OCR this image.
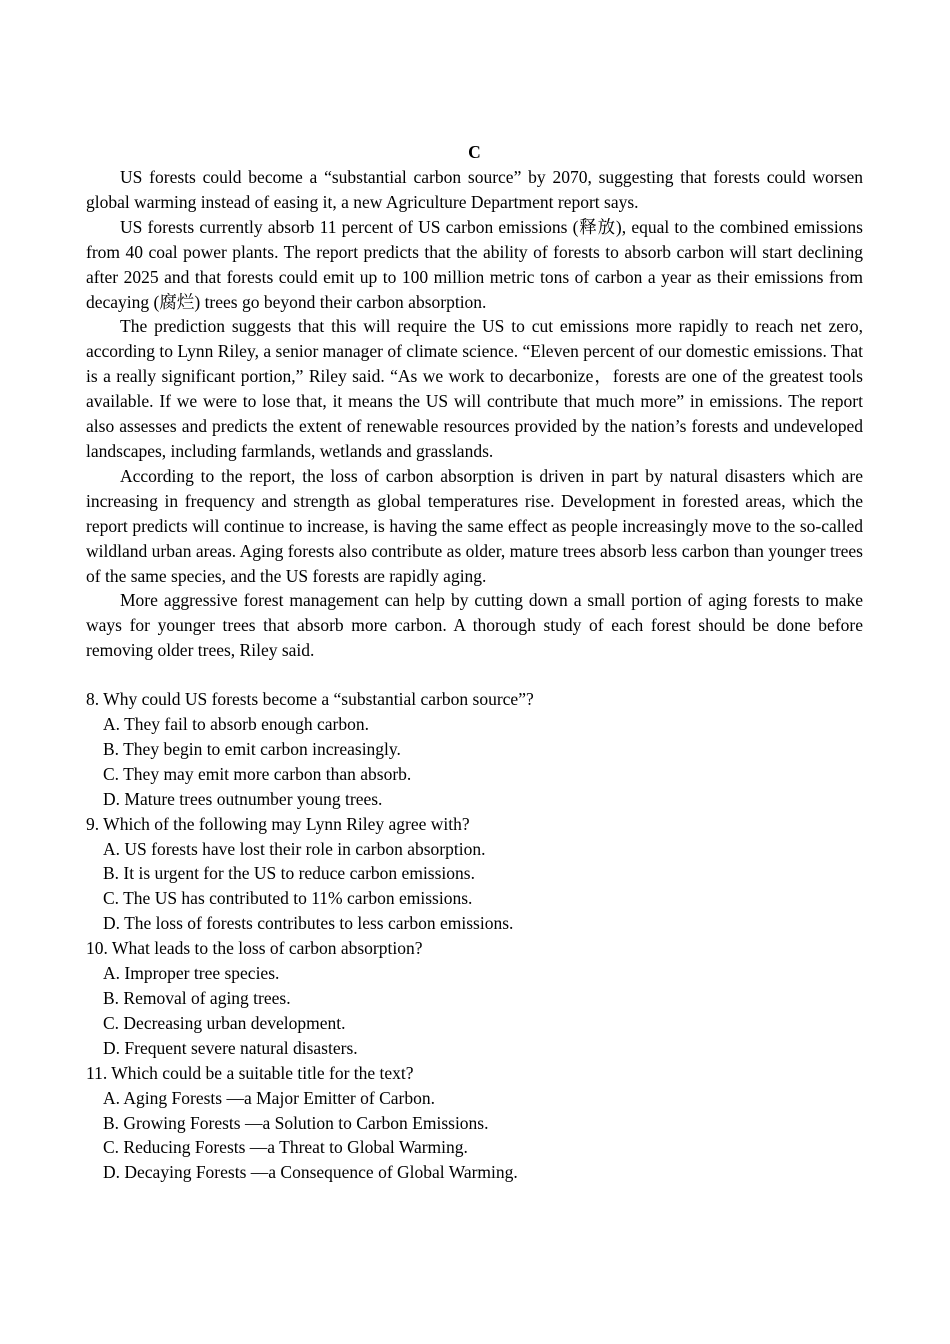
C

US forests could become a “substantial carbon source” by 2070, suggesting that forests could worsen global warming instead of easing it, a new Agriculture Department report says.

US forests currently absorb 11 percent of US carbon emissions (释放), equal to the combined emissions from 40 coal power plants. The report predicts that the ability of forests to absorb carbon will start declining after 2025 and that forests could emit up to 100 million metric tons of carbon a year as their emissions from decaying (腐烂) trees go beyond their carbon absorption.

The prediction suggests that this will require the US to cut emissions more rapidly to reach net zero, according to Lynn Riley, a senior manager of climate science. “Eleven percent of our domestic emissions. That is a really significant portion,” Riley said. “As we work to decarbonize，forests are one of the greatest tools available. If we were to lose that, it means the US will contribute that much more” in emissions. The report also assesses and predicts the extent of renewable resources provided by the nation’s forests and undeveloped landscapes, including farmlands, wetlands and grasslands.

According to the report, the loss of carbon absorption is driven in part by natural disasters which are increasing in frequency and strength as global temperatures rise. Development in forested areas, which the report predicts will continue to increase, is having the same effect as people increasingly move to the so-called wildland urban areas. Aging forests also contribute as older, mature trees absorb less carbon than younger trees of the same species, and the US forests are rapidly aging.

More aggressive forest management can help by cutting down a small portion of aging forests to make ways for younger trees that absorb more carbon. A thorough study of each forest should be done before removing older trees, Riley said.

8. Why could US forests become a “substantial carbon source”?

A. They fail to absorb enough carbon.

B. They begin to emit carbon increasingly.

C. They may emit more carbon than absorb.

D. Mature trees outnumber young trees.

9. Which of the following may Lynn Riley agree with?

A. US forests have lost their role in carbon absorption.

B. It is urgent for the US to reduce carbon emissions.

C. The US has contributed to 11% carbon emissions.

D. The loss of forests contributes to less carbon emissions.

10. What leads to the loss of carbon absorption?

A. Improper tree species.

B. Removal of aging trees.

C. Decreasing urban development.

D. Frequent severe natural disasters.

11. Which could be a suitable title for the text?

A. Aging Forests —a Major Emitter of Carbon.

B. Growing Forests —a Solution to Carbon Emissions.

C. Reducing Forests —a Threat to Global Warming.

D. Decaying Forests —a Consequence of Global Warming.
